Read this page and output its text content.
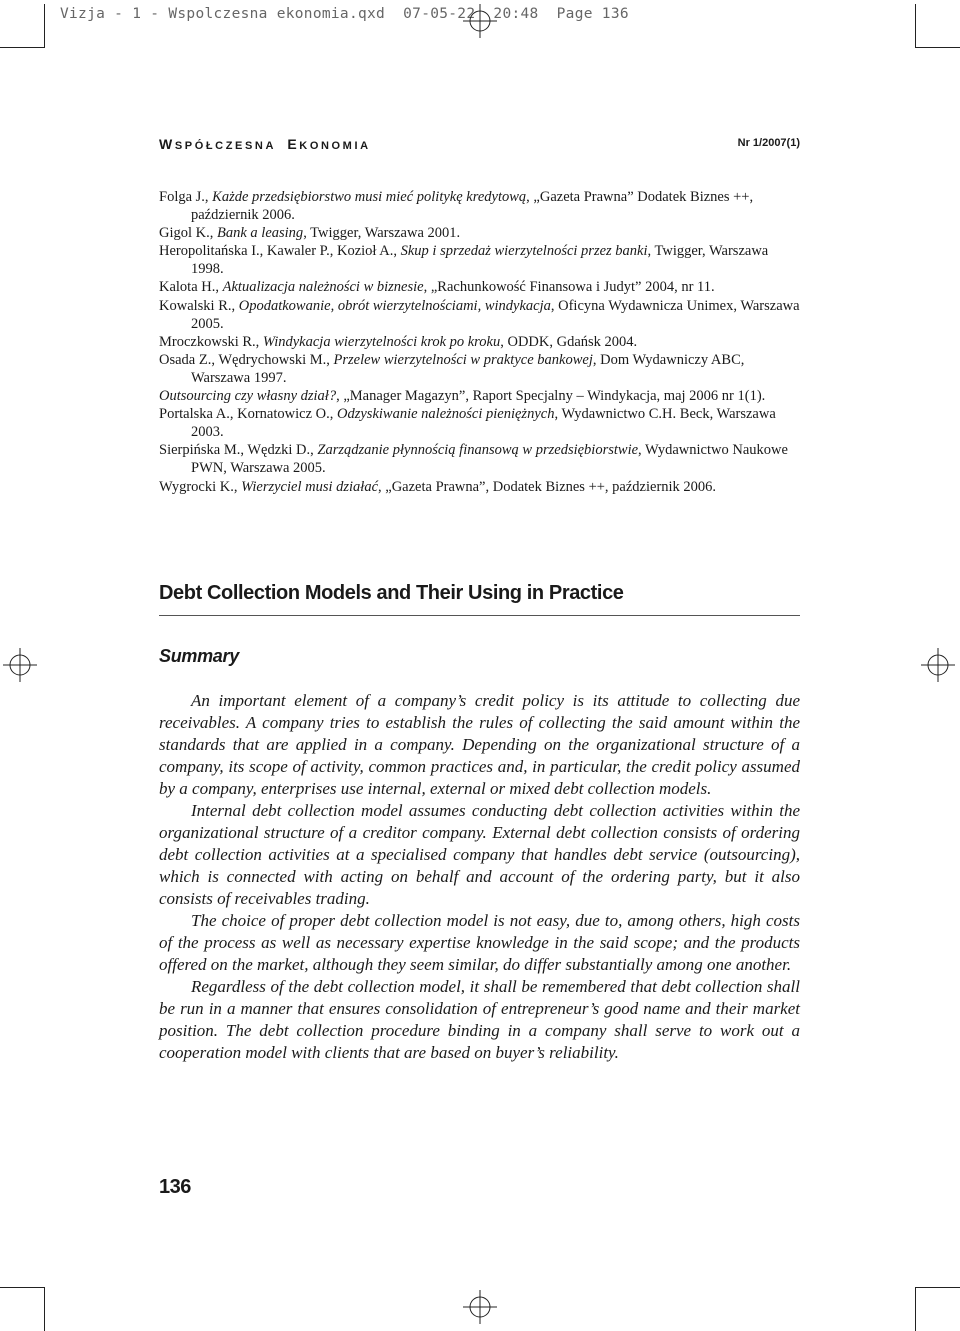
Vizja - 1 - Wspolczesna ekonomia.qxd  07-05-22  20:48  Page 136
WSPÓŁCZESNA EKONOMIA	Nr 1/2007(1)

Folga J., Każde przedsiębiorstwo musi mieć politykę kredytową, „Gazeta Prawna” Dodatek Biznes ++, październik 2006.

Gigol K., Bank a leasing, Twigger, Warszawa 2001.

Heropolitańska I., Kawaler P., Kozioł A., Skup i sprzedaż wierzytelności przez banki, Twigger, Warszawa 1998.

Kalota H., Aktualizacja należności w biznesie, „Rachunkowość Finansowa i Judyt” 2004, nr 11.

Kowalski R., Opodatkowanie, obrót wierzytelnościami, windykacja, Oficyna Wydawnicza Unimex, Warszawa 2005.

Mroczkowski R., Windykacja wierzytelności krok po kroku, ODDK, Gdańsk 2004.

Osada Z., Wędrychowski M., Przelew wierzytelności w praktyce bankowej, Dom Wydawniczy ABC, Warszawa 1997.

Outsourcing czy własny dział?, „Manager Magazyn”, Raport Specjalny – Windykacja, maj 2006 nr 1(1).

Portalska A., Kornatowicz O., Odzyskiwanie należności pieniężnych, Wydawnictwo C.H. Beck, Warszawa 2003.

Sierpińska M., Wędzki D., Zarządzanie płynnością finansową w przedsiębiorstwie, Wydawnictwo Naukowe PWN, Warszawa 2005.

Wygrocki K., Wierzyciel musi działać, „Gazeta Prawna”, Dodatek Biznes ++, październik 2006.

Debt Collection Models and Their Using in Practice
Summary

An important element of a company’s credit policy is its attitude to collecting due receivables. A company tries to establish the rules of collecting the said amount within the standards that are applied in a company. Depending on the organizational structure of a company, its scope of activity, common practices and, in particular, the credit policy assumed by a company, enterprises use internal, external or mixed debt collection models.

Internal debt collection model assumes conducting debt collection activities within the organizational structure of a creditor company. External debt collection consists of ordering debt collection activities at a specialised company that handles debt service (outsourcing), which is connected with acting on behalf and account of the ordering party, but it also consists of receivables trading.

The choice of proper debt collection model is not easy, due to, among others, high costs of the process as well as necessary expertise knowledge in the said scope; and the products offered on the market, although they seem similar, do differ substantially among one another.

Regardless of the debt collection model, it shall be remembered that debt collection shall be run in a manner that ensures consolidation of entrepreneur’s good name and their market position. The debt collection procedure binding in a company shall serve to work out a cooperation model with clients that are based on buyer’s reliability.

136
